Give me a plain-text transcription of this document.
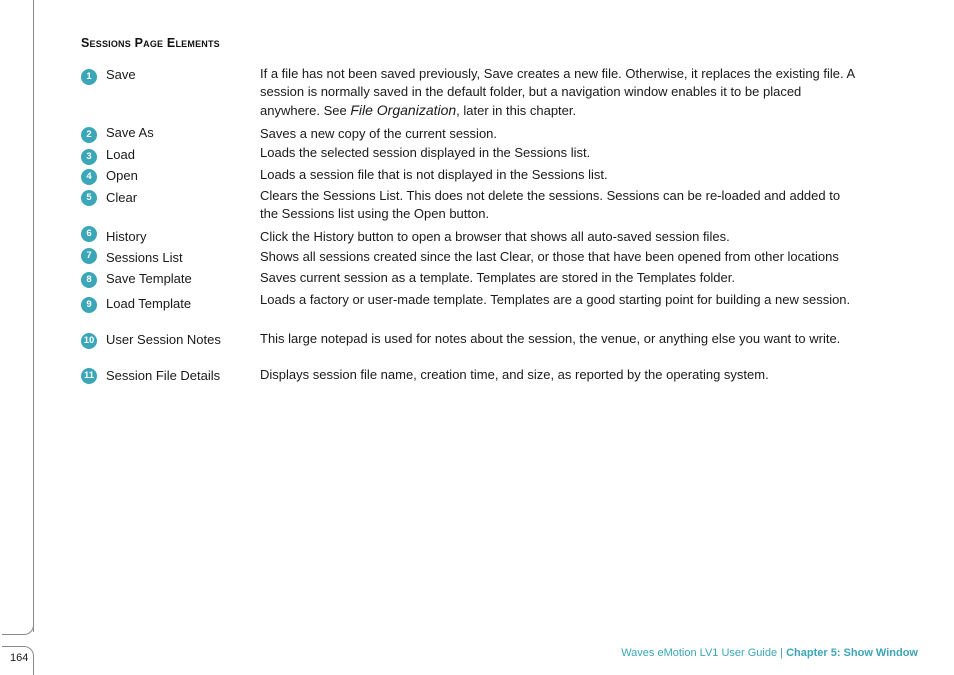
164
Sessions Page Elements
1	Save	If a file has not been saved previously, Save creates a new file. Otherwise, it replaces the existing file. A session is normally saved in the default folder, but a navigation window enables it to be placed anywhere. See File Organization, later in this chapter.
2	Save As	Saves a new copy of the current session.
3	Load	Loads the selected session displayed in the Sessions list.
4	Open	Loads a session file that is not displayed in the Sessions list.
5	Clear	Clears the Sessions List. This does not delete the sessions. Sessions can be re-loaded and added to the Sessions list using the Open button.
6	History	Click the History button to open a browser that shows all auto-saved session files.
7	Sessions List	Shows all sessions created since the last Clear, or those that have been opened from other locations
8	Save Template	Saves current session as a template. Templates are stored in the Templates folder.
9	Load Template	Loads a factory or user-made template. Templates are a good starting point for building a new session.
10 User Session Notes	This large notepad is used for notes about the session, the venue, or anything else you want to write.
11 Session File Details	Displays session file name, creation time, and size, as reported by the operating system.
Waves eMotion LV1 User Guide | Chapter 5: Show Window
